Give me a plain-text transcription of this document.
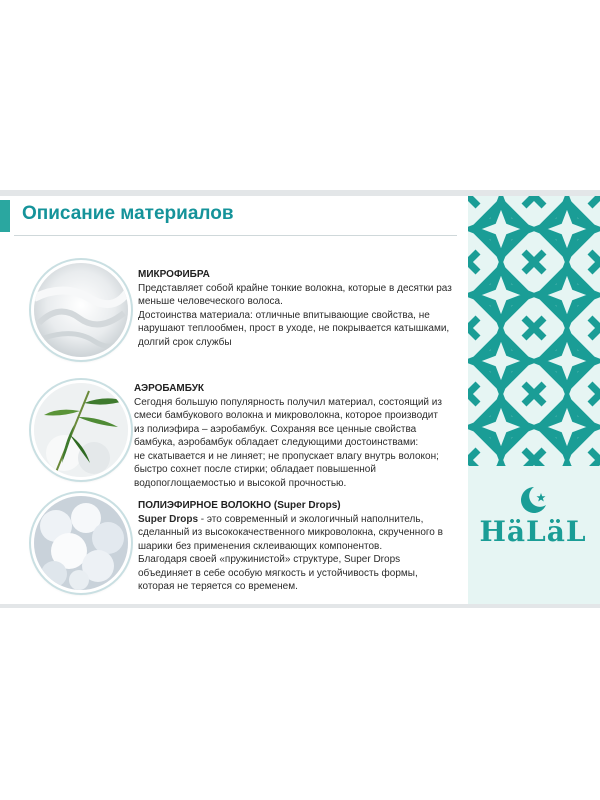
Описание материалов
МИКРОФИБРА
Представляет собой крайне тонкие волокна, которые в десятки раз
меньше человеческого волоса.
Достоинства материала: отличные впитывающие свойства, не
нарушают теплообмен, прост в уходе, не покрывается катышками,
долгий срок службы
АЭРОБАМБУК
Сегодня большую популярность получил материал, состоящий из
смеси бамбукового волокна и микроволокна, которое производит
из полиэфира – аэробамбук. Сохраняя все ценные свойства
бамбука, аэробамбук обладает следующими достоинствами:
не скатывается и не линяет; не пропускает влагу внутрь волокон;
быстро сохнет после стирки; обладает повышенной
водопоглощаемостью и высокой прочностью.
ПОЛИЭФИРНОЕ ВОЛОКНО (Super Drops)
Super Drops - это современный и экологичный наполнитель,
сделанный из высококачественного микроволокна, скрученного в
шарики без применения склеивающих компонентов.
Благодаря своей «пружинистой» структуре, Super Drops
объединяет в себе особую мягкость и устойчивость формы,
которая не теряется со временем.
HӓLӓL
